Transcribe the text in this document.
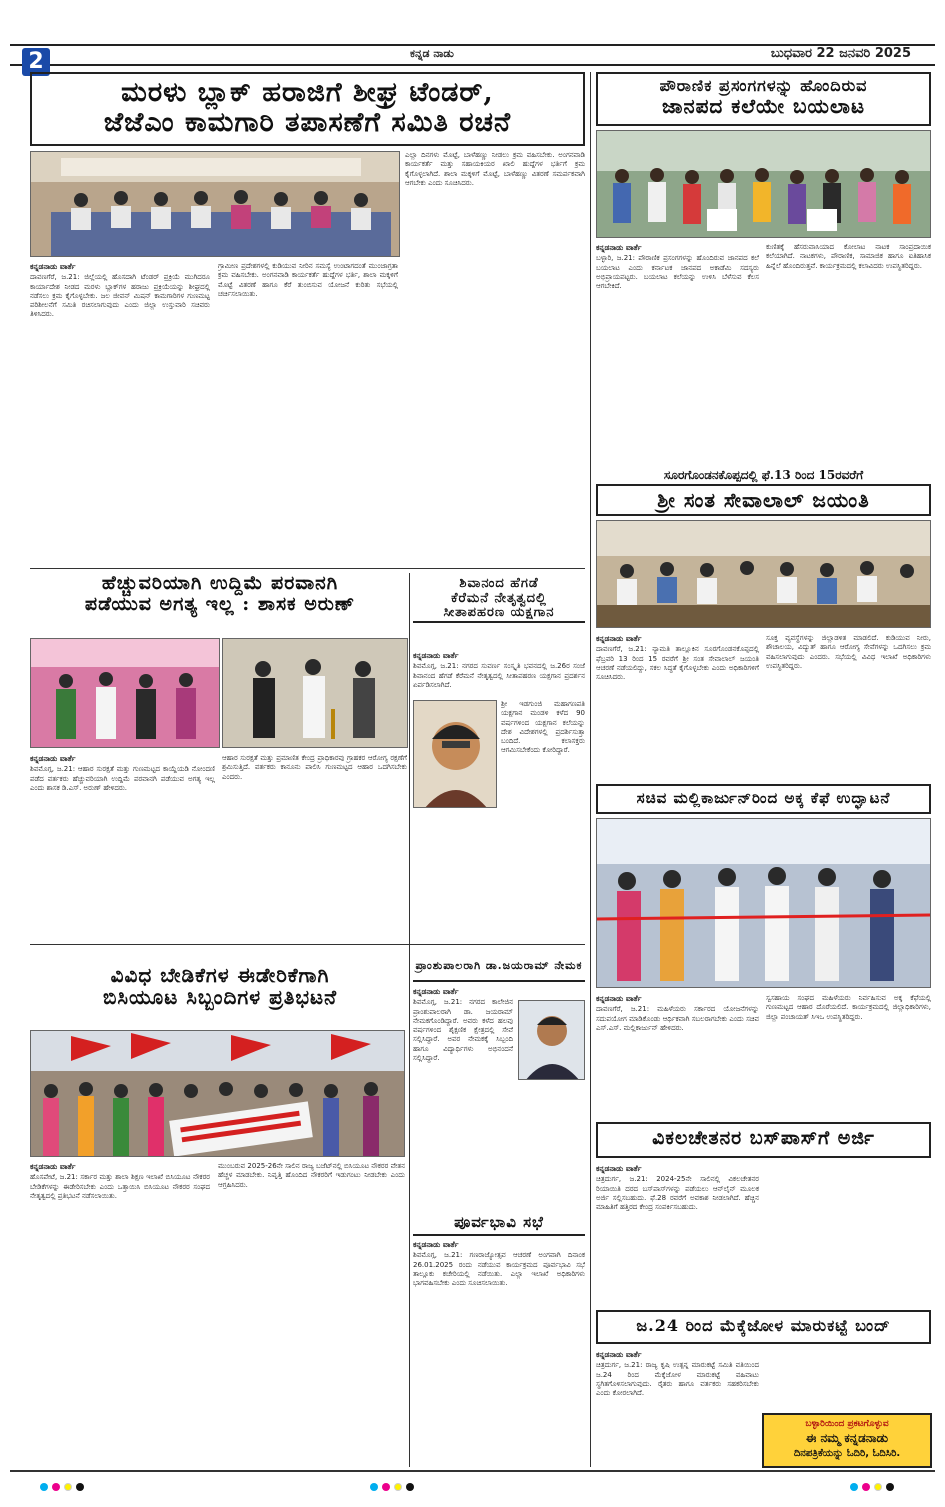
2	ಕನ್ನಡ ನಾಡು	ಬುಧವಾರ 22 ಜನವರಿ 2025
ಮರಳು ಬ್ಲಾಕ್ ಹರಾಜಿಗೆ ಶೀಘ್ರ ಟೆಂಡರ್,
ಜೆಜೆಎಂ ಕಾಮಗಾರಿ ತಪಾಸಣೆಗೆ ಸಮಿತಿ ರಚನೆ
ಎಲ್ಲಾ ದಿನಗಳು ಮೊಟ್ಟೆ, ಬಾಳೆಹಣ್ಣು ನೀಡಲು ಕ್ರಮ ವಹಿಸಬೇಕು. ಅಂಗನವಾಡಿ ಕಾರ್ಯಕರ್ತೆ ಮತ್ತು ಸಹಾಯಕಿಯರ ಖಾಲಿ ಹುದ್ದೆಗಳ ಭರ್ತಿಗೆ ಕ್ರಮ ಕೈಗೊಳ್ಳಲಾಗಿದೆ. ಶಾಲಾ ಮಕ್ಕಳಿಗೆ ಮೊಟ್ಟೆ, ಬಾಳೆಹಣ್ಣು ವಿತರಣೆ ಸಮರ್ಪಕವಾಗಿ ಆಗಬೇಕು ಎಂದು ಸೂಚಿಸಿದರು.
ಕನ್ನಡನಾಡು ವಾರ್ತೆ
ದಾವಣಗೆರೆ, ಜ.21: ಜಿಲ್ಲೆಯಲ್ಲಿ ಹೊಸದಾಗಿ ಟೆಂಡರ್ ಪ್ರಕ್ರಿಯೆ ಮುಗಿದರೂ ಕಾರ್ಯಾದೇಶ ನೀಡದ ಮರಳು ಬ್ಲಾಕ್‌ಗಳ ಹರಾಜು ಪ್ರಕ್ರಿಯೆಯನ್ನು ಶೀಘ್ರದಲ್ಲಿ ನಡೆಸಲು ಕ್ರಮ ಕೈಗೊಳ್ಳಬೇಕು. ಜಲ ಜೀವನ್ ಮಿಷನ್ ಕಾಮಗಾರಿಗಳ ಗುಣಮಟ್ಟ ಪರಿಶೀಲನೆಗೆ ಸಮಿತಿ ರಚಿಸಲಾಗುವುದು ಎಂದು ಜಿಲ್ಲಾ ಉಸ್ತುವಾರಿ ಸಚಿವರು ತಿಳಿಸಿದರು.
ಗ್ರಾಮೀಣ ಪ್ರದೇಶಗಳಲ್ಲಿ ಕುಡಿಯುವ ನೀರಿನ ಸಮಸ್ಯೆ ಉಂಟಾಗದಂತೆ ಮುಂಜಾಗ್ರತಾ ಕ್ರಮ ವಹಿಸಬೇಕು. ಅಂಗನವಾಡಿ ಕಾರ್ಯಕರ್ತೆ ಹುದ್ದೆಗಳ ಭರ್ತಿ, ಶಾಲಾ ಮಕ್ಕಳಿಗೆ ಮೊಟ್ಟೆ ವಿತರಣೆ ಹಾಗೂ ಕೆರೆ ತುಂಬಿಸುವ ಯೋಜನೆ ಕುರಿತು ಸಭೆಯಲ್ಲಿ ಚರ್ಚಿಸಲಾಯಿತು.
ಪೌರಾಣಿಕ ಪ್ರಸಂಗಗಳನ್ನು ಹೊಂದಿರುವ
ಜಾನಪದ ಕಲೆಯೇ ಬಯಲಾಟ
ಕನ್ನಡನಾಡು ವಾರ್ತೆ
ಬಳ್ಳಾರಿ, ಜ.21: ಪೌರಾಣಿಕ ಪ್ರಸಂಗಗಳನ್ನು ಹೊಂದಿರುವ ಜಾನಪದ ಕಲೆ ಬಯಲಾಟ ಎಂದು ಕರ್ನಾಟಕ ಜಾನಪದ ಅಕಾಡೆಮಿ ಸದಸ್ಯರು ಅಭಿಪ್ರಾಯಪಟ್ಟರು. ಬಯಲಾಟ ಕಲೆಯನ್ನು ಉಳಿಸಿ ಬೆಳೆಸುವ ಕೆಲಸ ಆಗಬೇಕಿದೆ.
ಕುಣಿತಕ್ಕೆ ಹೆಸರುವಾಸಿಯಾದ ಕೋಲಾಟ ನಾಟಕ ಸಾಂಪ್ರದಾಯಿಕ ಕಲೆಯಾಗಿದೆ. ನಾಟಕಗಳು, ಪೌರಾಣಿಕ, ಸಾಮಾಜಿಕ ಹಾಗೂ ಐತಿಹಾಸಿಕ ಹಿನ್ನೆಲೆ ಹೊಂದಿರುತ್ತವೆ. ಕಾರ್ಯಕ್ರಮದಲ್ಲಿ ಕಲಾವಿದರು ಉಪಸ್ಥಿತರಿದ್ದರು.
ಸೂರಗೊಂಡನಕೊಪ್ಪದಲ್ಲಿ ಫೆ.13 ರಿಂದ 15ರವರೆಗೆ
ಶ್ರೀ ಸಂತ ಸೇವಾಲಾಲ್ ಜಯಂತಿ
ಕನ್ನಡನಾಡು ವಾರ್ತೆ
ದಾವಣಗೆರೆ, ಜ.21: ನ್ಯಾಮತಿ ತಾಲ್ಲೂಕಿನ ಸೂರಗೊಂಡನಕೊಪ್ಪದಲ್ಲಿ ಫೆಬ್ರವರಿ 13 ರಿಂದ 15 ರವರೆಗೆ ಶ್ರೀ ಸಂತ ಸೇವಾಲಾಲ್ ಜಯಂತಿ ಆಚರಣೆ ನಡೆಯಲಿದ್ದು, ಸಕಲ ಸಿದ್ಧತೆ ಕೈಗೊಳ್ಳಬೇಕು ಎಂದು ಅಧಿಕಾರಿಗಳಿಗೆ ಸೂಚಿಸಿದರು.
ಸೂಕ್ತ ವ್ಯವಸ್ಥೆಗಳನ್ನು ಜಿಲ್ಲಾಡಳಿತ ಮಾಡಲಿದೆ. ಕುಡಿಯುವ ನೀರು, ಶೌಚಾಲಯ, ವಿದ್ಯುತ್ ಹಾಗೂ ಆರೋಗ್ಯ ಸೇವೆಗಳನ್ನು ಒದಗಿಸಲು ಕ್ರಮ ವಹಿಸಲಾಗುವುದು ಎಂದರು. ಸಭೆಯಲ್ಲಿ ವಿವಿಧ ಇಲಾಖೆ ಅಧಿಕಾರಿಗಳು ಉಪಸ್ಥಿತರಿದ್ದರು.
ಹೆಚ್ಚುವರಿಯಾಗಿ ಉದ್ದಿಮೆ ಪರವಾನಗಿ
ಪಡೆಯುವ ಅಗತ್ಯ ಇಲ್ಲ : ಶಾಸಕ ಅರುಣ್
ಕನ್ನಡನಾಡು ವಾರ್ತೆ
ಶಿವಮೊಗ್ಗ, ಜ.21: ಆಹಾರ ಸುರಕ್ಷತೆ ಮತ್ತು ಗುಣಮಟ್ಟದ ಕಾಯ್ದೆಯಡಿ ನೋಂದಣಿ ಪಡೆದ ವರ್ತಕರು ಹೆಚ್ಚುವರಿಯಾಗಿ ಉದ್ದಿಮೆ ಪರವಾನಗಿ ಪಡೆಯುವ ಅಗತ್ಯ ಇಲ್ಲ ಎಂದು ಶಾಸಕ ಡಿ.ಎಸ್. ಅರುಣ್ ಹೇಳಿದರು.
ಆಹಾರ ಸುರಕ್ಷತೆ ಮತ್ತು ಪ್ರಮಾಣಿತ ಕೇಂದ್ರ ಪ್ರಾಧಿಕಾರವು ಗ್ರಾಹಕರ ಆರೋಗ್ಯ ರಕ್ಷಣೆಗೆ ಶ್ರಮಿಸುತ್ತಿದೆ. ವರ್ತಕರು ಕಾನೂನು ಪಾಲಿಸಿ ಗುಣಮಟ್ಟದ ಆಹಾರ ಒದಗಿಸಬೇಕು ಎಂದರು.
ಶಿವಾನಂದ ಹೆಗಡೆ
ಕೆರೆಮನೆ ನೇತೃತ್ವದಲ್ಲಿ
ಸೀತಾಪಹರಣ ಯಕ್ಷಗಾನ
ಕನ್ನಡನಾಡು ವಾರ್ತೆ
ಶಿವಮೊಗ್ಗ, ಜ.21: ನಗರದ ಸುವರ್ಣ ಸಂಸ್ಕೃತಿ ಭವನದಲ್ಲಿ ಜ.26ರ ಸಂಜೆ ಶಿವಾನಂದ ಹೆಗಡೆ ಕೆರೆಮನೆ ನೇತೃತ್ವದಲ್ಲಿ ಸೀತಾಪಹರಣ ಯಕ್ಷಗಾನ ಪ್ರದರ್ಶನ ಏರ್ಪಡಿಸಲಾಗಿದೆ.
ಶ್ರೀ ಇಡಗುಂಜಿ ಮಹಾಗಣಪತಿ ಯಕ್ಷಗಾನ ಮಂಡಳಿ ಕಳೆದ 90 ವರ್ಷಗಳಿಂದ ಯಕ್ಷಗಾನ ಕಲೆಯನ್ನು ದೇಶ ವಿದೇಶಗಳಲ್ಲಿ ಪ್ರದರ್ಶಿಸುತ್ತಾ ಬಂದಿದೆ. ಕಲಾಸಕ್ತರು ಆಗಮಿಸಬೇಕೆಂದು ಕೋರಿದ್ದಾರೆ.
ಸಚಿವ ಮಲ್ಲಿಕಾರ್ಜುನ್‌ರಿಂದ ಅಕ್ಕ ಕೆಫೆ ಉದ್ಘಾಟನೆ
ಕನ್ನಡನಾಡು ವಾರ್ತೆ
ದಾವಣಗೆರೆ, ಜ.21: ಮಹಿಳೆಯರು ಸರ್ಕಾರದ ಯೋಜನೆಗಳನ್ನು ಸದುಪಯೋಗ ಮಾಡಿಕೊಂಡು ಆರ್ಥಿಕವಾಗಿ ಸಬಲರಾಗಬೇಕು ಎಂದು ಸಚಿವ ಎಸ್.ಎಸ್. ಮಲ್ಲಿಕಾರ್ಜುನ್ ಹೇಳಿದರು.
ಸ್ವಸಹಾಯ ಸಂಘದ ಮಹಿಳೆಯರು ನಿರ್ವಹಿಸುವ ಅಕ್ಕ ಕೆಫೆಯಲ್ಲಿ ಗುಣಮಟ್ಟದ ಆಹಾರ ದೊರೆಯಲಿದೆ. ಕಾರ್ಯಕ್ರಮದಲ್ಲಿ ಜಿಲ್ಲಾಧಿಕಾರಿಗಳು, ಜಿಲ್ಲಾ ಪಂಚಾಯತ್ ಸಿಇಒ ಉಪಸ್ಥಿತರಿದ್ದರು.
ವಿವಿಧ ಬೇಡಿಕೆಗಳ ಈಡೇರಿಕೆಗಾಗಿ
ಬಿಸಿಯೂಟ ಸಿಬ್ಬಂದಿಗಳ ಪ್ರತಿಭಟನೆ
ಕನ್ನಡನಾಡು ವಾರ್ತೆ
ಹೊಸಪೇಟೆ, ಜ.21: ಸರ್ಕಾರ ಮತ್ತು ಶಾಲಾ ಶಿಕ್ಷಣ ಇಲಾಖೆ ಬಿಸಿಯೂಟ ನೌಕರರ ಬೇಡಿಕೆಗಳನ್ನು ಈಡೇರಿಸಬೇಕು ಎಂದು ಒತ್ತಾಯಿಸಿ ಬಿಸಿಯೂಟ ನೌಕರರ ಸಂಘದ ನೇತೃತ್ವದಲ್ಲಿ ಪ್ರತಿಭಟನೆ ನಡೆಸಲಾಯಿತು.
ಮುಂಬರುವ 2025-26ನೇ ಸಾಲಿನ ರಾಜ್ಯ ಬಜೆಟ್‌ನಲ್ಲಿ ಬಿಸಿಯೂಟ ನೌಕರರ ವೇತನ ಹೆಚ್ಚಳ ಮಾಡಬೇಕು. ನಿವೃತ್ತಿ ಹೊಂದಿದ ನೌಕರರಿಗೆ ಇಡುಗಂಟು ನೀಡಬೇಕು ಎಂದು ಆಗ್ರಹಿಸಿದರು.
ಪ್ರಾಂಶುಪಾಲರಾಗಿ ಡಾ.ಜಯರಾಮ್ ನೇಮಕ
ಕನ್ನಡನಾಡು ವಾರ್ತೆ
ಶಿವಮೊಗ್ಗ, ಜ.21: ನಗರದ ಕಾಲೇಜಿನ ಪ್ರಾಂಶುಪಾಲರಾಗಿ ಡಾ. ಜಯರಾಮ್ ನೇಮಕಗೊಂಡಿದ್ದಾರೆ. ಅವರು ಕಳೆದ ಹಲವು ವರ್ಷಗಳಿಂದ ಶೈಕ್ಷಣಿಕ ಕ್ಷೇತ್ರದಲ್ಲಿ ಸೇವೆ ಸಲ್ಲಿಸಿದ್ದಾರೆ. ಅವರ ನೇಮಕಕ್ಕೆ ಸಿಬ್ಬಂದಿ ಹಾಗೂ ವಿದ್ಯಾರ್ಥಿಗಳು ಅಭಿನಂದನೆ ಸಲ್ಲಿಸಿದ್ದಾರೆ.
ಪೂರ್ವಭಾವಿ ಸಭೆ
ಕನ್ನಡನಾಡು ವಾರ್ತೆ
ಶಿವಮೊಗ್ಗ, ಜ.21: ಗಣರಾಜ್ಯೋತ್ಸವ ಆಚರಣೆ ಅಂಗವಾಗಿ ದಿನಾಂಕ 26.01.2025 ರಂದು ನಡೆಯುವ ಕಾರ್ಯಕ್ರಮದ ಪೂರ್ವಭಾವಿ ಸಭೆ ತಾಲ್ಲೂಕು ಕಚೇರಿಯಲ್ಲಿ ನಡೆಯಿತು. ಎಲ್ಲಾ ಇಲಾಖೆ ಅಧಿಕಾರಿಗಳು ಭಾಗವಹಿಸಬೇಕು ಎಂದು ಸೂಚಿಸಲಾಯಿತು.
ವಿಕಲಚೇತನರ ಬಸ್‌ಪಾಸ್‌ಗೆ ಅರ್ಜಿ
ಕನ್ನಡನಾಡು ವಾರ್ತೆ
ಚಿತ್ರದುರ್ಗ, ಜ.21: 2024-25ನೇ ಸಾಲಿನಲ್ಲಿ ವಿಕಲಚೇತನರ ರಿಯಾಯಿತಿ ದರದ ಬಸ್‌ಪಾಸ್‌ಗಳನ್ನು ಪಡೆಯಲು ಆನ್‌ಲೈನ್ ಮೂಲಕ ಅರ್ಜಿ ಸಲ್ಲಿಸಬಹುದು. ಫೆ.28 ರವರೆಗೆ ಅವಕಾಶ ನೀಡಲಾಗಿದೆ. ಹೆಚ್ಚಿನ ಮಾಹಿತಿಗೆ ಹತ್ತಿರದ ಕೇಂದ್ರ ಸಂಪರ್ಕಿಸಬಹುದು.
ಜ.24 ರಿಂದ ಮೆಕ್ಕೆಜೋಳ ಮಾರುಕಟ್ಟೆ ಬಂದ್
ಕನ್ನಡನಾಡು ವಾರ್ತೆ
ಚಿತ್ರದುರ್ಗ, ಜ.21: ರಾಜ್ಯ ಕೃಷಿ ಉತ್ಪನ್ನ ಮಾರುಕಟ್ಟೆ ಸಮಿತಿ ವತಿಯಿಂದ ಜ.24 ರಿಂದ ಮೆಕ್ಕೆಜೋಳ ಮಾರುಕಟ್ಟೆ ವಹಿವಾಟು ಸ್ಥಗಿತಗೊಳಿಸಲಾಗುವುದು. ರೈತರು ಹಾಗೂ ವರ್ತಕರು ಸಹಕರಿಸಬೇಕು ಎಂದು ಕೋರಲಾಗಿದೆ.
ಬಳ್ಳಾರಿಯಿಂದ ಪ್ರಕಟಗೊಳ್ಳುವ
ಈ ನಮ್ಮ ಕನ್ನಡನಾಡು
ದಿನಪತ್ರಿಕೆಯನ್ನು ಓದಿರಿ, ಓದಿಸಿರಿ.
